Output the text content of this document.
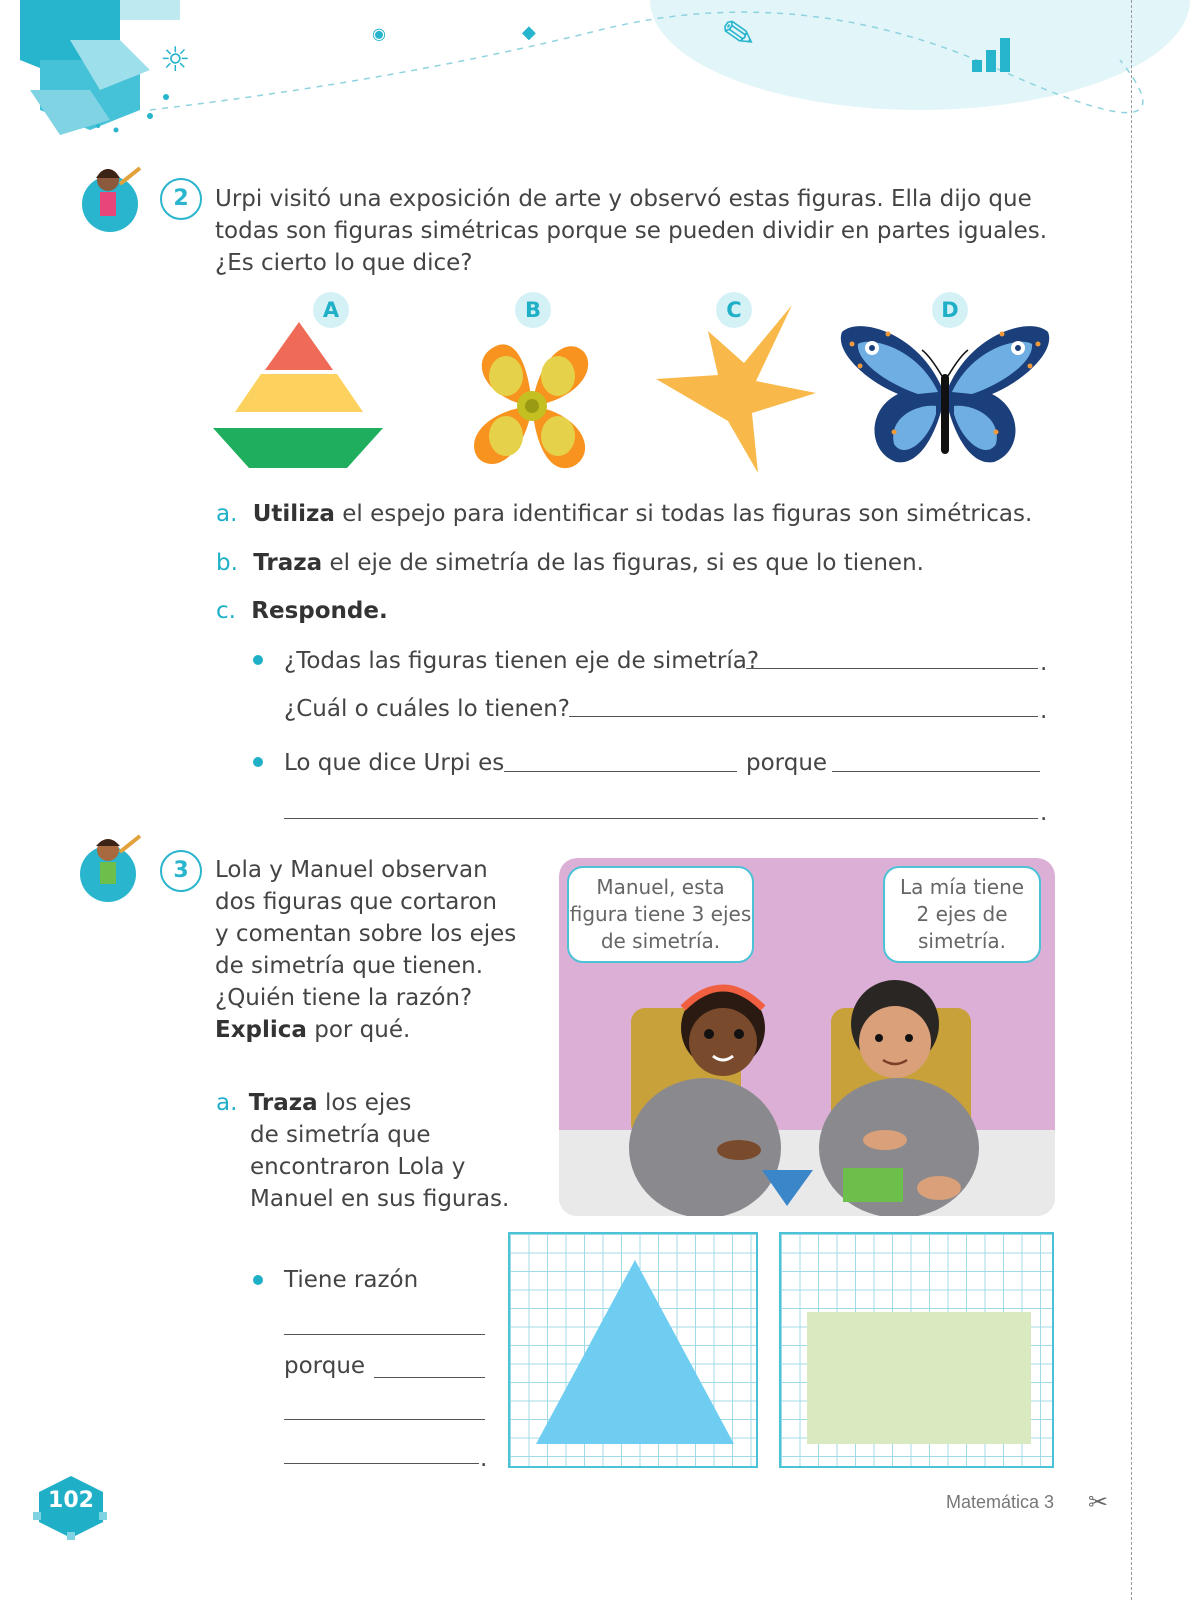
☼
◉	◆	✎
2	Urpi visitó una exposición de arte y observó estas figuras. Ella dijo que
todas son figuras simétricas porque se pueden dividir en partes iguales.
¿Es cierto lo que dice?
A	B	C	D
a. Utiliza el espejo para identificar si todas las figuras son simétricas.
b. Traza el eje de simetría de las figuras, si es que lo tienen.
c. Responde.
¿Todas las figuras tienen eje de simetría?	.
¿Cuál o cuáles lo tienen?	.
Lo que dice Urpi es	porque
.
3	Lola y Manuel observan
dos figuras que cortaron
y comentan sobre los ejes
de simetría que tienen.
¿Quién tiene la razón?
Explica por qué.
Manuel, esta
figura tiene 3 ejes
de simetría.
La mía tiene
2 ejes de
simetría.
a. Traza los ejes
de simetría que
encontraron Lola y
Manuel en sus figuras.
Tiene razón
porque
.
102	Matemática 3 ✂
